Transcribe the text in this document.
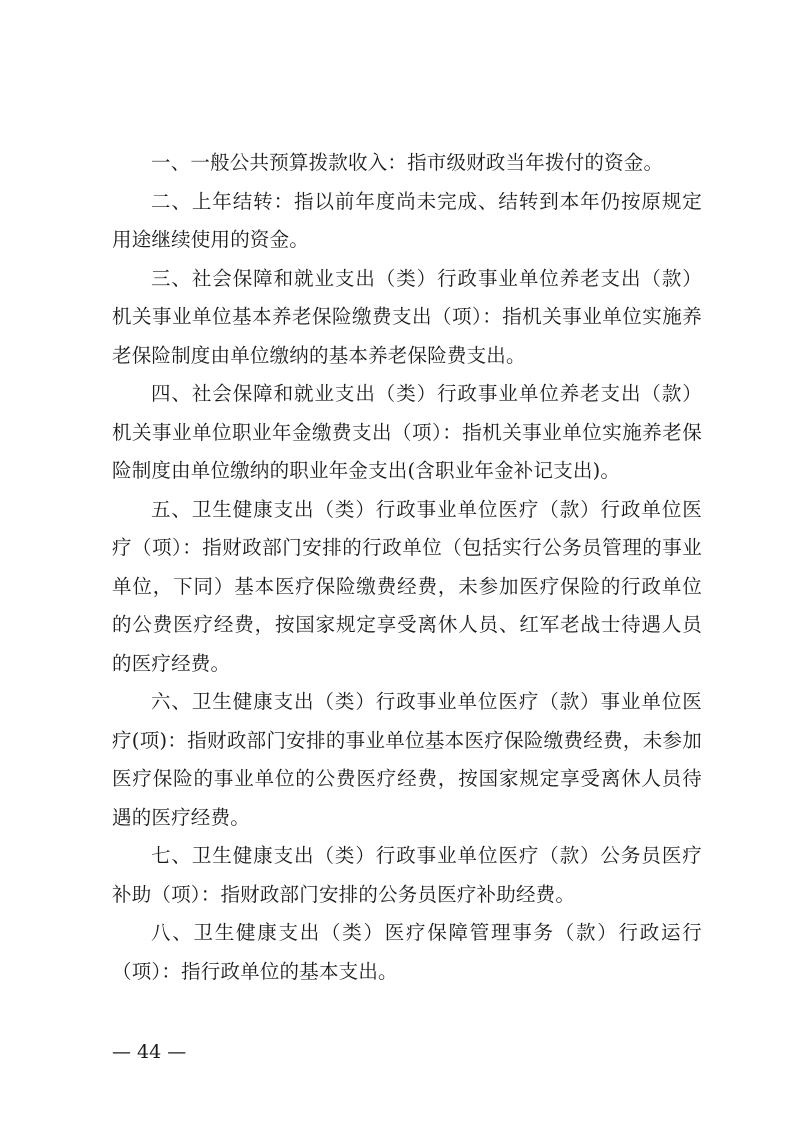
一、一般公共预算拨款收入：指市级财政当年拨付的资金。

二、上年结转：指以前年度尚未完成、结转到本年仍按原规定用途继续使用的资金。

三、社会保障和就业支出（类）行政事业单位养老支出（款）机关事业单位基本养老保险缴费支出（项）：指机关事业单位实施养老保险制度由单位缴纳的基本养老保险费支出。

四、社会保障和就业支出（类）行政事业单位养老支出（款）机关事业单位职业年金缴费支出（项）：指机关事业单位实施养老保险制度由单位缴纳的职业年金支出(含职业年金补记支出)。

五、卫生健康支出（类）行政事业单位医疗（款）行政单位医疗（项）：指财政部门安排的行政单位（包括实行公务员管理的事业单位，下同）基本医疗保险缴费经费，未参加医疗保险的行政单位的公费医疗经费，按国家规定享受离休人员、红军老战士待遇人员的医疗经费。

六、卫生健康支出（类）行政事业单位医疗（款）事业单位医疗(项)：指财政部门安排的事业单位基本医疗保险缴费经费，未参加医疗保险的事业单位的公费医疗经费，按国家规定享受离休人员待遇的医疗经费。

七、卫生健康支出（类）行政事业单位医疗（款）公务员医疗补助（项）：指财政部门安排的公务员医疗补助经费。

八、卫生健康支出（类）医疗保障管理事务（款）行政运行（项）：指行政单位的基本支出。

— 44 —
